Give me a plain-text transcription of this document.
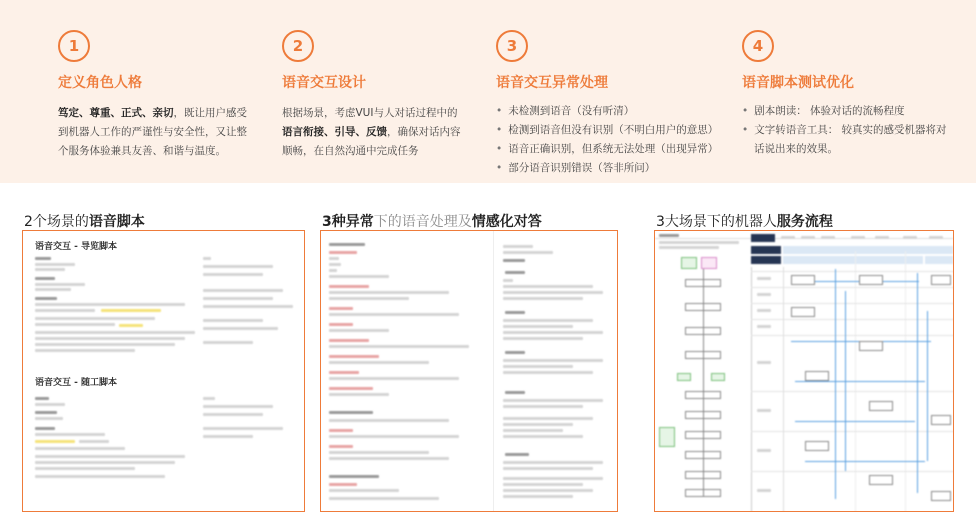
1
定义角色人格
笃定、尊重、正式、亲切，既让用户感受到机器人工作的严谨性与安全性，又让整个服务体验兼具友善、和谐与温度。
2
语音交互设计
根据场景，考虑VUI与人对话过程中的语言衔接、引导、反馈，确保对话内容顺畅，在自然沟通中完成任务
3
语音交互异常处理
• 未检测到语音（没有听清）
• 检测到语音但没有识别（不明白用户的意思）
• 语音正确识别，但系统无法处理（出现异常）
• 部分语音识别错误（答非所问）
4
语音脚本测试优化
• 剧本朗读： 体验对话的流畅程度
• 文字转语音工具： 较真实的感受机器将对话说出来的效果。
2个场景的语音脚本	3种异常下的语音处理及情感化对答	3大场景下的机器人服务流程
语音交互 - 导览脚本
语音交互 - 随工脚本
